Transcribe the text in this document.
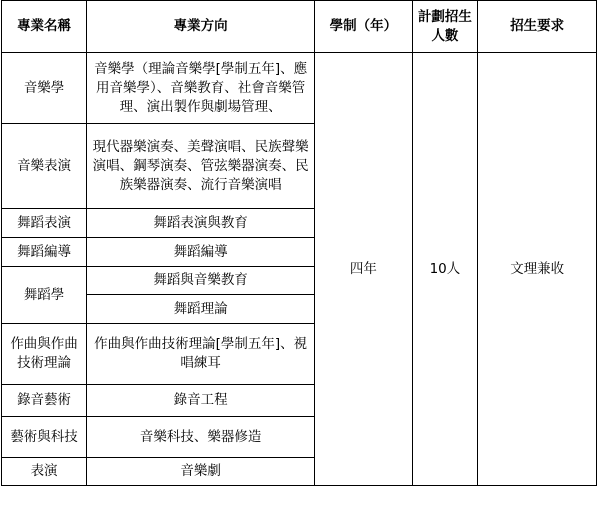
專業名稱	專業方向	學制（年）	計劃招生人數	招生要求
音樂學	音樂學（理論音樂學[學制五年]、應用音樂學）、音樂教育、社會音樂管理、演出製作與劇場管理、	四年	10人	文理兼收
音樂表演	現代器樂演奏、美聲演唱、民族聲樂演唱、鋼琴演奏、管弦樂器演奏、民族樂器演奏、流行音樂演唱			
舞蹈表演	舞蹈表演與教育			
舞蹈編導	舞蹈編導			
舞蹈學	舞蹈與音樂教育			
	舞蹈理論			
作曲與作曲技術理論	作曲與作曲技術理論[學制五年]、視唱練耳			
錄音藝術	錄音工程			
藝術與科技	音樂科技、樂器修造			
表演	音樂劇			
